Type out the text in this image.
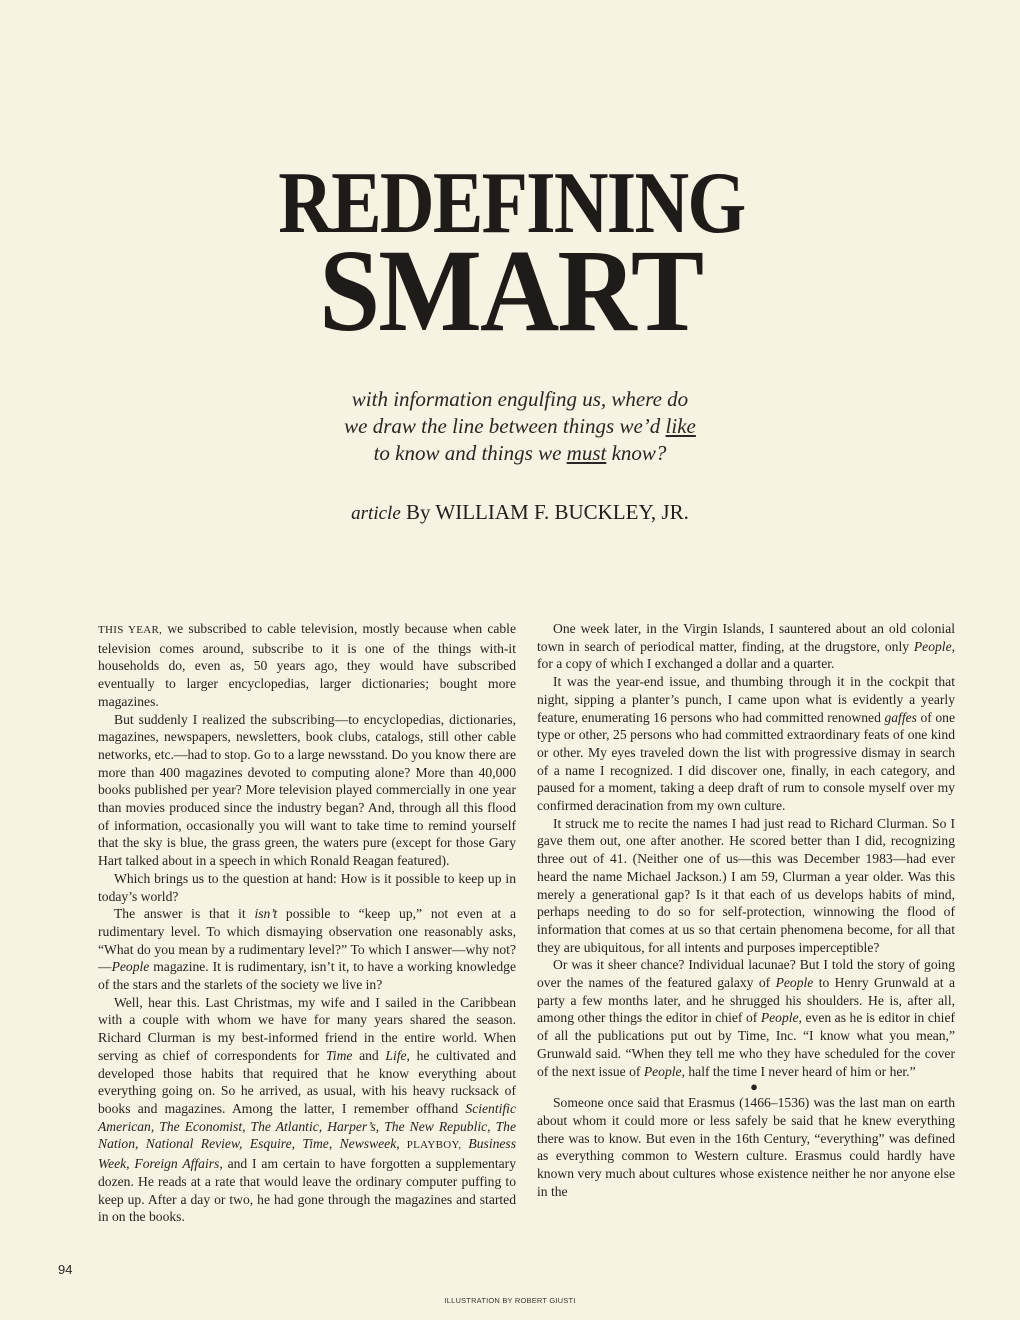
REDEFINING
SMART
with information engulfing us, where do
we draw the line between things we’d like
to know and things we must know?
article By WILLIAM F. BUCKLEY, JR.

THIS YEAR, we subscribed to cable television, mostly because when cable television comes around, subscribe to it is one of the things with-it households do, even as, 50 years ago, they would have subscribed eventually to larger encyclopedias, larger dictionaries; bought more magazines.

But suddenly I realized the subscribing—to encyclopedias, dictionaries, magazines, newspapers, newsletters, book clubs, catalogs, still other cable networks, etc.—had to stop. Go to a large newsstand. Do you know there are more than 400 magazines devoted to computing alone? More than 40,000 books published per year? More television played commercially in one year than movies produced since the industry began? And, through all this flood of information, occasionally you will want to take time to remind yourself that the sky is blue, the grass green, the waters pure (except for those Gary Hart talked about in a speech in which Ronald Reagan featured).

Which brings us to the question at hand: How is it possible to keep up in today’s world?

The answer is that it isn’t possible to “keep up,” not even at a rudimentary level. To which dismaying observation one reasonably asks, “What do you mean by a rudimentary level?” To which I answer—why not?—People magazine. It is rudimentary, isn’t it, to have a working knowledge of the stars and the starlets of the society we live in?

Well, hear this. Last Christmas, my wife and I sailed in the Caribbean with a couple with whom we have for many years shared the season. Richard Clurman is my best-informed friend in the entire world. When serving as chief of correspondents for Time and Life, he cultivated and developed those habits that required that he know everything about everything going on. So he arrived, as usual, with his heavy rucksack of books and magazines. Among the latter, I remember offhand Scientific American, The Economist, The Atlantic, Harper’s, The New Republic, The Nation, National Review, Esquire, Time, Newsweek, PLAYBOY, Business Week, Foreign Affairs, and I am certain to have forgotten a supplementary dozen. He reads at a rate that would leave the ordinary computer puffing to keep up. After a day or two, he had gone through the magazines and started in on the books.

One week later, in the Virgin Islands, I sauntered about an old colonial town in search of periodical matter, finding, at the drugstore, only People, for a copy of which I exchanged a dollar and a quarter.

It was the year-end issue, and thumbing through it in the cockpit that night, sipping a planter’s punch, I came upon what is evidently a yearly feature, enumerating 16 persons who had committed renowned gaffes of one type or other, 25 persons who had committed extraordinary feats of one kind or other. My eyes traveled down the list with progressive dismay in search of a name I recognized. I did discover one, finally, in each category, and paused for a moment, taking a deep draft of rum to console myself over my confirmed deracination from my own culture.

It struck me to recite the names I had just read to Richard Clurman. So I gave them out, one after another. He scored better than I did, recognizing three out of 41. (Neither one of us—this was December 1983—had ever heard the name Michael Jackson.) I am 59, Clurman a year older. Was this merely a generational gap? Is it that each of us develops habits of mind, perhaps needing to do so for self-protection, winnowing the flood of information that comes at us so that certain phenomena become, for all that they are ubiquitous, for all intents and purposes imperceptible?

Or was it sheer chance? Individual lacunae? But I told the story of going over the names of the featured galaxy of People to Henry Grunwald at a party a few months later, and he shrugged his shoulders. He is, after all, among other things the editor in chief of People, even as he is editor in chief of all the publications put out by Time, Inc. “I know what you mean,” Grunwald said. “When they tell me who they have scheduled for the cover of the next issue of People, half the time I never heard of him or her.”

●

Someone once said that Erasmus (1466–1536) was the last man on earth about whom it could more or less safely be said that he knew everything there was to know. But even in the 16th Century, “everything” was defined as everything common to Western culture. Erasmus could hardly have known very much about cultures whose existence neither he nor anyone else in the

94
ILLUSTRATION BY ROBERT GIUSTI
